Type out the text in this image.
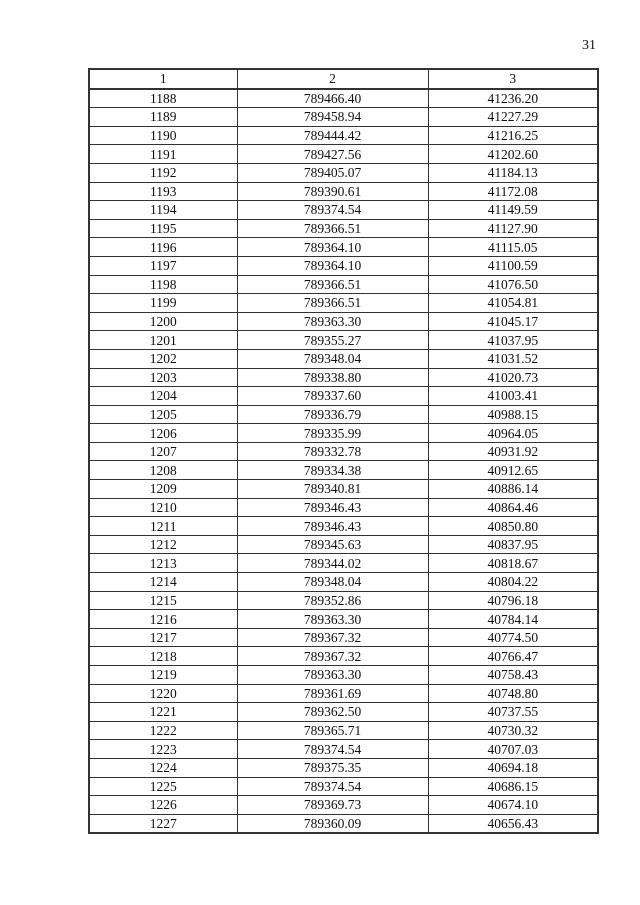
31
1	2	3
1188	789466.40	41236.20
1189	789458.94	41227.29
1190	789444.42	41216.25
1191	789427.56	41202.60
1192	789405.07	41184.13
1193	789390.61	41172.08
1194	789374.54	41149.59
1195	789366.51	41127.90
1196	789364.10	41115.05
1197	789364.10	41100.59
1198	789366.51	41076.50
1199	789366.51	41054.81
1200	789363.30	41045.17
1201	789355.27	41037.95
1202	789348.04	41031.52
1203	789338.80	41020.73
1204	789337.60	41003.41
1205	789336.79	40988.15
1206	789335.99	40964.05
1207	789332.78	40931.92
1208	789334.38	40912.65
1209	789340.81	40886.14
1210	789346.43	40864.46
1211	789346.43	40850.80
1212	789345.63	40837.95
1213	789344.02	40818.67
1214	789348.04	40804.22
1215	789352.86	40796.18
1216	789363.30	40784.14
1217	789367.32	40774.50
1218	789367.32	40766.47
1219	789363.30	40758.43
1220	789361.69	40748.80
1221	789362.50	40737.55
1222	789365.71	40730.32
1223	789374.54	40707.03
1224	789375.35	40694.18
1225	789374.54	40686.15
1226	789369.73	40674.10
1227	789360.09	40656.43
